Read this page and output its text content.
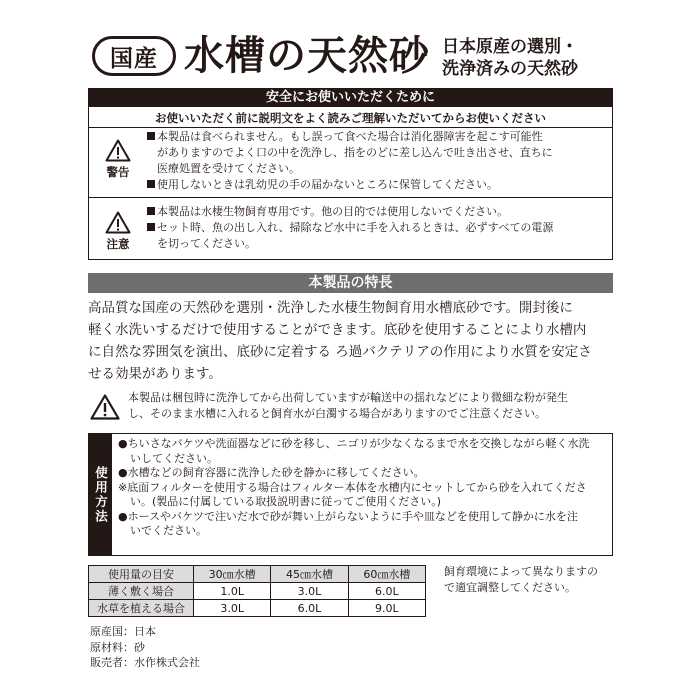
国産 水槽の天然砂 日本原産の選別・
洗浄済みの天然砂
安全にお使いいただくために
お使いいただく前に説明文をよく読みご理解いただいてからお使いください
警告
本製品は食べられません。もし誤って食べた場合は消化器障害を起こす可能性
がありますのでよく口の中を洗浄し、指をのどに差し込んで吐き出させ、直ちに
医療処置を受けてください。
使用しないときは乳幼児の手の届かないところに保管してください。
注意
本製品は水棲生物飼育専用です。他の目的では使用しないでください。
セット時、魚の出し入れ、掃除など水中に手を入れるときは、必ずすべての電源
を切ってください。
本製品の特長
高品質な国産の天然砂を選別・洗浄した水棲生物飼育用水槽底砂です。開封後に
軽く水洗いするだけで使用することができます。底砂を使用することにより水槽内
に自然な雰囲気を演出、底砂に定着する ろ過バクテリアの作用により水質を安定さ
せる効果があります。
本製品は梱包時に洗浄してから出荷していますが輸送中の揺れなどにより微細な粉が発生
し、そのまま水槽に入れると飼育水が白濁する場合がありますのでご注意ください。
使用方法
●ちいさなバケツや洗面器などに砂を移し、ニゴリが少なくなるまで水を交換しながら軽く水洗
いしてください。
●水槽などの飼育容器に洗浄した砂を静かに移してください。
※底面フィルターを使用する場合はフィルター本体を水槽内にセットしてから砂を入れてくださ
い。(製品に付属している取扱説明書に従ってご使用ください。)
●ホースやバケツで注いだ水で砂が舞い上がらないように手や皿などを使用して静かに水を注
いでください。
使用量の目安	30㎝水槽	45㎝水槽	60㎝水槽
薄く敷く場合	1.0L	3.0L	6.0L
水草を植える場合	3.0L	6.0L	9.0L
飼育環境によって異なりますの
で適宜調整してください。
原産国：日本
原材料：砂
販売者：水作株式会社
